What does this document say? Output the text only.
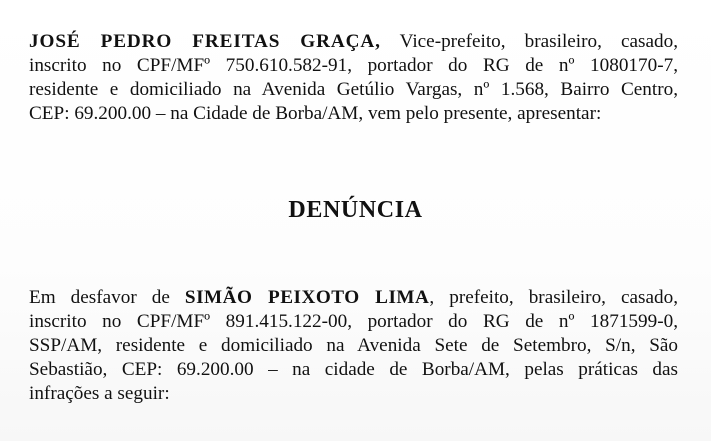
JOSÉ PEDRO FREITAS GRAÇA, Vice-prefeito, brasileiro, casado,
inscrito no CPF/MFº 750.610.582-91, portador do RG de nº 1080170-7,
residente e domiciliado na Avenida Getúlio Vargas, nº 1.568, Bairro Centro,
CEP: 69.200.00 – na Cidade de Borba/AM, vem pelo presente, apresentar:

DENÚNCIA

Em desfavor de SIMÃO PEIXOTO LIMA, prefeito, brasileiro, casado,
inscrito no CPF/MFº 891.415.122-00, portador do RG de nº 1871599-0,
SSP/AM, residente e domiciliado na Avenida Sete de Setembro, S/n, São
Sebastião, CEP: 69.200.00 – na cidade de Borba/AM, pelas práticas das
infrações a seguir:
